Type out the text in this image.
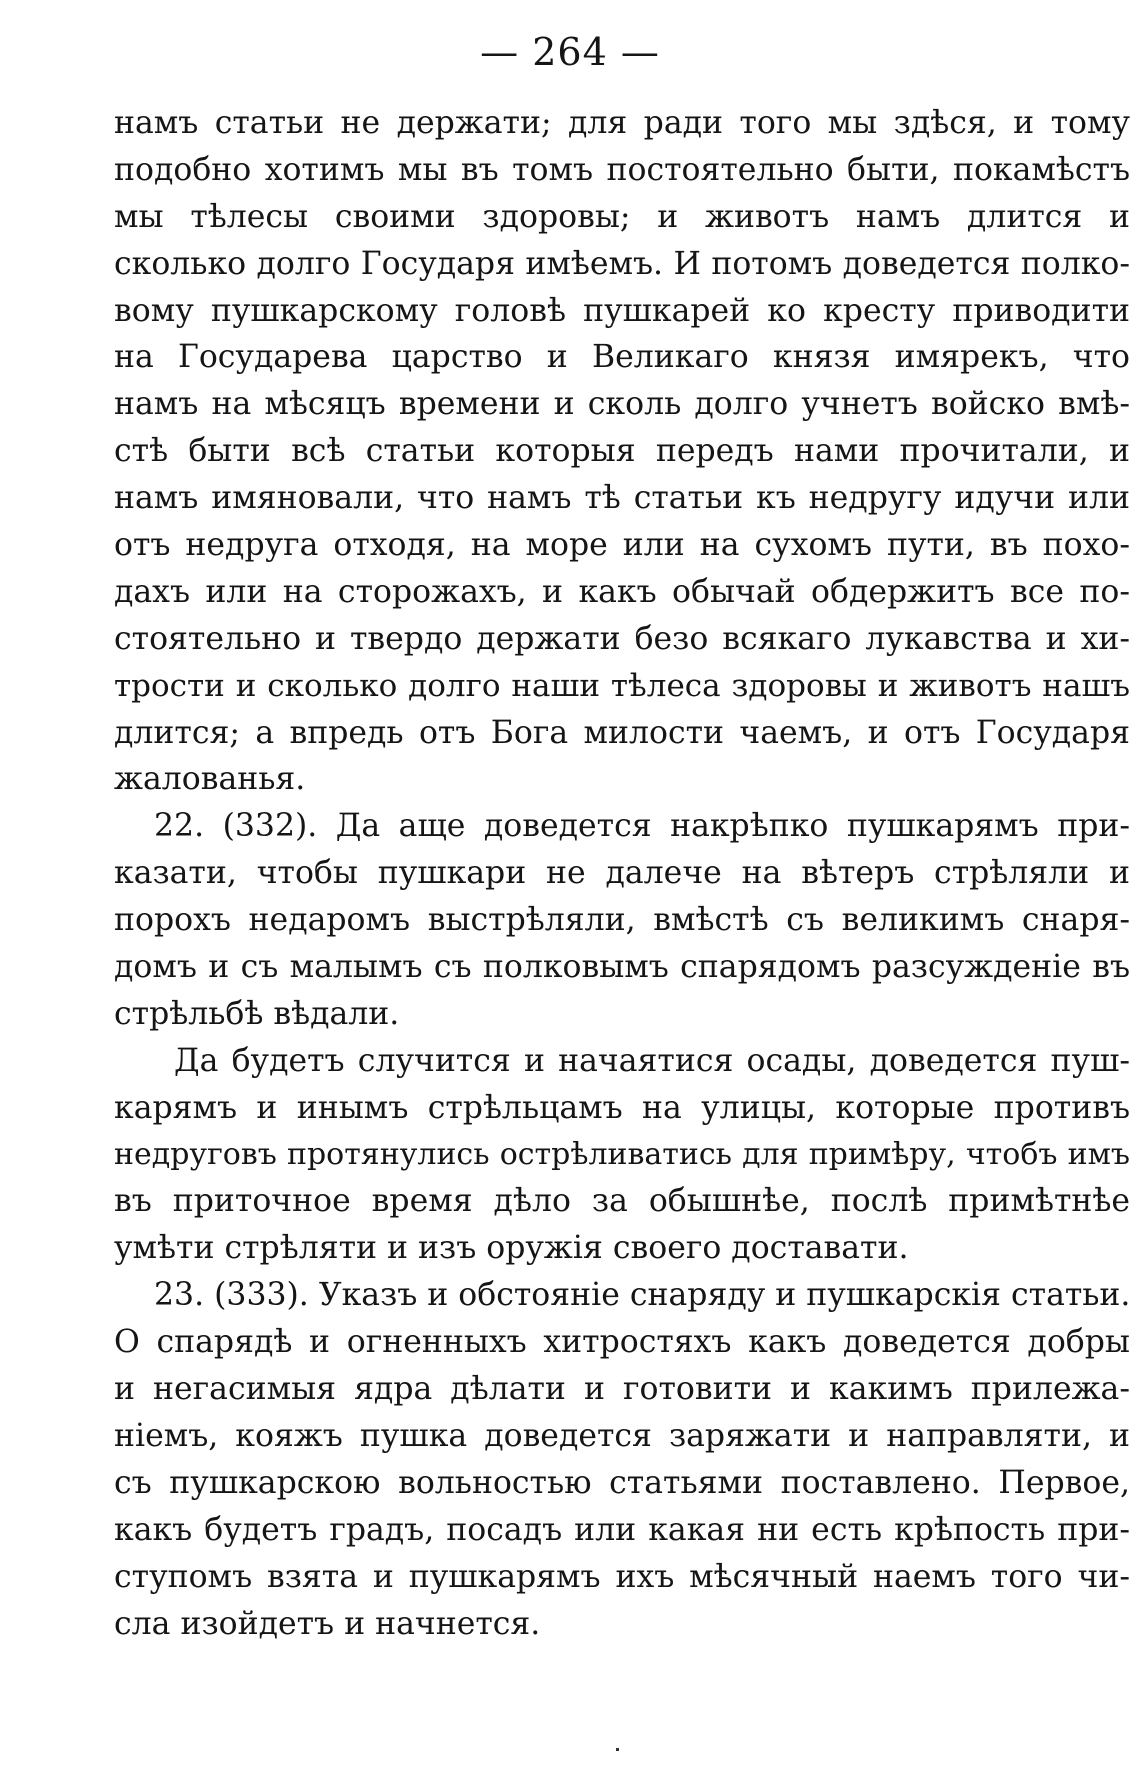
— 264 —
намъ статьи не держати; для ради того мы здѣся, и тому
подобно хотимъ мы въ томъ постоятельно быти, покамѣстъ
мы тѣлесы своими здоровы; и животъ намъ длится и
сколько долго Государя имѣемъ. И потомъ доведется полко-
вому пушкарскому головѣ пушкарей ко кресту приводити
на Государева царство и Великаго князя имярекъ, что
намъ на мѣсяцъ времени и сколь долго учнетъ войско вмѣ-
стѣ быти всѣ статьи которыя передъ нами прочитали, и
намъ имяновали, что намъ тѣ статьи къ недругу идучи или
отъ недруга отходя, на море или на сухомъ пути, въ похо-
дахъ или на сторожахъ, и какъ обычай обдержитъ все по-
стоятельно и твердо держати безо всякаго лукавства и хи-
трости и сколько долго наши тѣлеса здоровы и животъ нашъ
длится; а впредь отъ Бога милости чаемъ, и отъ Государя
жалованья.
22. (332). Да аще доведется накрѣпко пушкарямъ при-
казати, чтобы пушкари не далече на вѣтеръ стрѣляли и
порохъ недаромъ выстрѣляли, вмѣстѣ съ великимъ снаря-
домъ и съ малымъ съ полковымъ спарядомъ разсужденіе въ
стрѣльбѣ вѣдали.
Да будетъ случится и начаятися осады, доведется пуш-
карямъ и инымъ стрѣльцамъ на улицы, которые противъ
недруговъ протянулись острѣливатись для примѣру, чтобъ имъ
въ приточное время дѣло за обышнѣе, послѣ примѣтнѣе
умѣти стрѣляти и изъ оружія своего доставати.
23. (333). Указъ и обстояніе снаряду и пушкарскія статьи.
О спарядѣ и огненныхъ хитростяхъ какъ доведется добры
и негасимыя ядра дѣлати и готовити и какимъ прилежа-
ніемъ, кояжъ пушка доведется заряжати и направляти, и
съ пушкарскою вольностью статьями поставлено. Первое,
какъ будетъ градъ, посадъ или какая ни есть крѣпость при-
ступомъ взята и пушкарямъ ихъ мѣсячный наемъ того чи-
сла изойдетъ и начнется.
